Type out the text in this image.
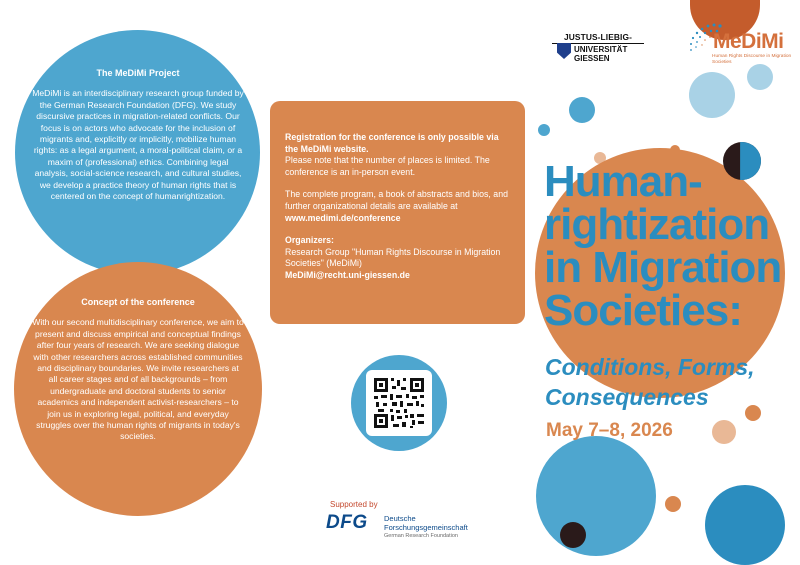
The MeDiMi Project
MeDiMi is an interdisciplinary research group funded by the German Research Foundation (DFG). We study discursive practices in migration-related conflicts. Our focus is on actors who advocate for the inclusion of migrants and, explicitly or implicitly, mobilize human rights: as a legal argument, a moral-political claim, or a maxim of (professional) ethics. Combining legal analysis, social-science research, and cultural studies, we develop a practice theory of human rights that is centered on the concept of humanrightization.
Concept of the conference
With our second multidisciplinary conference, we aim to present and discuss empirical and conceptual findings after four years of research. We are seeking dialogue with other researchers across established communities and disciplinary boundaries. We invite researchers at all career stages and of all backgrounds – from undergraduate and doctoral students to senior academics and independent activist-researchers – to join us in exploring legal, political, and everyday struggles over the human rights of migrants in today's societies.

Registration for the conference is only possible via the MeDiMi website.
Please note that the number of places is limited. The conference is an in-person event.

The complete program, a book of abstracts and bios, and further organizational details are available at www.medimi.de/conference

Organizers:
Research Group "Human Rights Discourse in Migration Societies" (MeDiMi)
MeDiMi@recht.uni-giessen.de

Supported by
DFG Deutsche
Forschungsgemeinschaft
German Research Foundation
JUSTUS-LIEBIG-
UNIVERSITÄT
GIESSEN
MeDiMi
Human Rights Discourse in Migration Societies
Human-
rightization
in Migration
Societies:
Conditions, Forms,
Consequences
May 7–8, 2026
